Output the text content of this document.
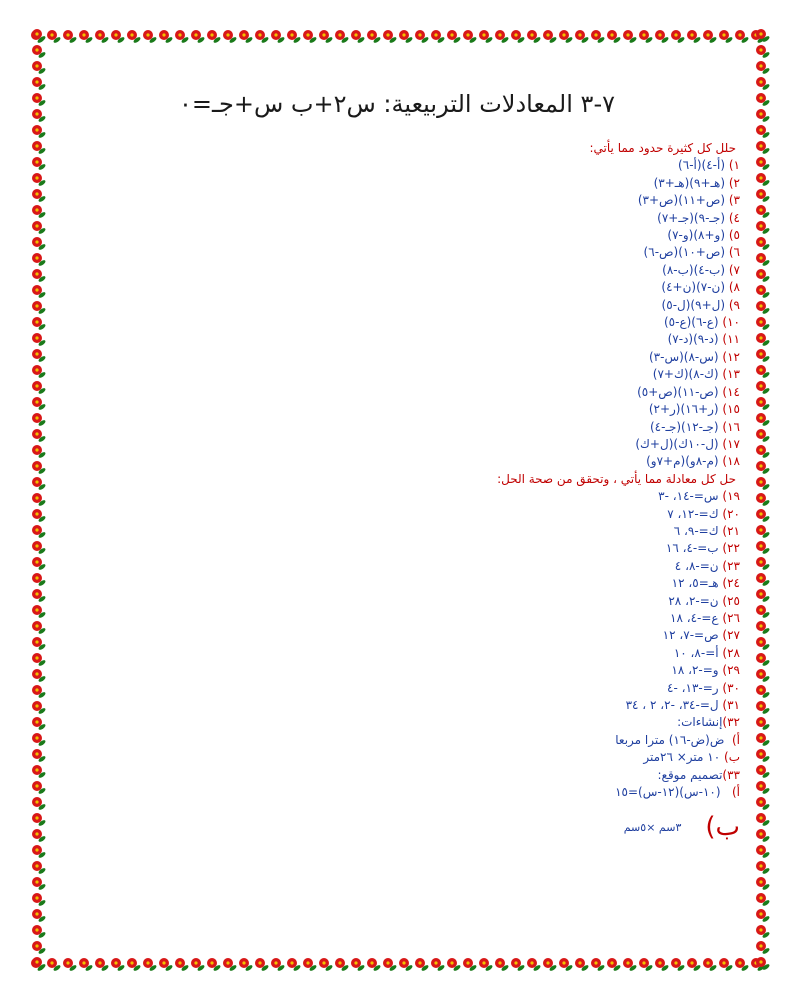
٧-٣ المعادلات التربيعية: س٢+ب س+جـ=٠
حلل كل كثيرة حدود مما يأتي:
١) (أ-٤)(أ-٦)
٢) (هـ+٩)(هـ+٣)
٣) (ص+١١)(ص+٣)
٤) (جـ-٩)(جـ+٧)
٥) (و+٨)(و-٧)
٦) (ص+١٠)(ص-٦)
٧) (ب-٤)(ب-٨)
٨) (ن-٧)(ن+٤)
٩) (ل+٩)(ل-٥)
١٠) (ع-٦)(ع-٥)
١١) (د-٩)(د-٧)
١٢) (س-٨)(س-٣)
١٣) (ك-٨)(ك+٧)
١٤) (ص-١١)(ص+٥)
١٥) (ر+١٦)(ر+٢)
١٦) (جـ-١٢)(جـ-٤)
١٧) (ل-١٠ك)(ل+ك)
١٨) (م-٨و)(م+٧و)
حل كل معادلة مما يأتي ، وتحقق من صحة الحل:
١٩) س=-١٤، -٣
٢٠) ك=-١٢، ٧
٢١) ك=-٩، ٦
٢٢) ب=-٤، ١٦
٢٣) ن=-٨، ٤
٢٤) هـ=٥، ١٢
٢٥) ن=-٢، ٢٨
٢٦) ع=-٤، ١٨
٢٧) ص=-٧، ١٢
٢٨) أ=-٨، ١٠
٢٩) و=-٢، ١٨
٣٠) ر=-١٣، -٤
٣١) ل=-٣٤، -٢، ٢ ، ٣٤
٣٢)إنشاءات:
أ)  ض(ض-١٦) مترا مربعا
ب) ١٠ متر× ٢٦متر
٣٣)تصميم موقع:
أ)   (١٠-س)(١٢-س)=١٥
ب)٣سم ×٥سم
